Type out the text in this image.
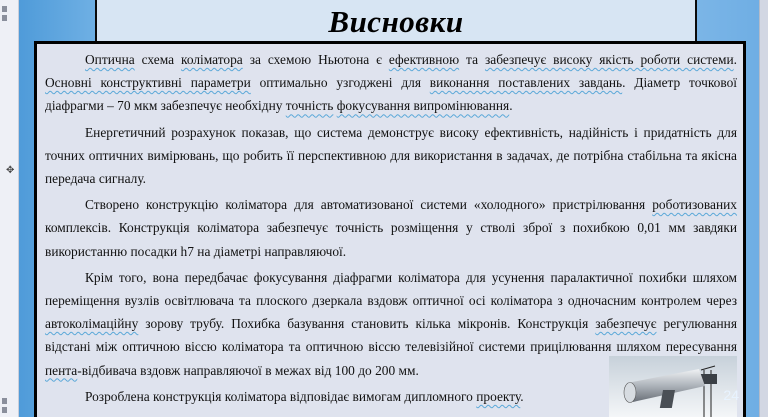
✥
Висновки

Оптична схема коліматора за схемою Ньютона є ефективною та забезпечує високу якість роботи системи. Основні конструктивні параметри оптимально узгоджені для виконання поставлених завдань. Діаметр точкової діафрагми – 70 мкм забезпечує необхідну точність фокусування випромінювання.

Енергетичний розрахунок показав, що система демонструє високу ефективність, надійність і придатність для точних оптичних вимірювань, що робить її перспективною для використання в задачах, де потрібна стабільна та якісна передача сигналу.

Створено конструкцію коліматора для автоматизованої системи «холодного» пристрілювання роботизованих комплексів. Конструкція коліматора забезпечує точність розміщення у стволі зброї з похибкою 0,01 мм завдяки використанню посадки h7 на діаметрі направляючої.

Крім того, вона передбачає фокусування діафрагми коліматора для усунення паралактичної похибки шляхом переміщення вузлів освітлювача та плоского дзеркала вздовж оптичної осі коліматора з одночасним контролем через автоколімаційну зорову трубу. Похибка базування становить кілька мікронів. Конструкція забезпечує регулювання відстані між оптичною віссю коліматора та оптичною віссю телевізійної системи прицілювання шляхом пересування пента-відбивача вздовж направляючої в межах від 100 до 200 мм.

Розроблена конструкція коліматора відповідає вимогам дипломного проекту.	24
